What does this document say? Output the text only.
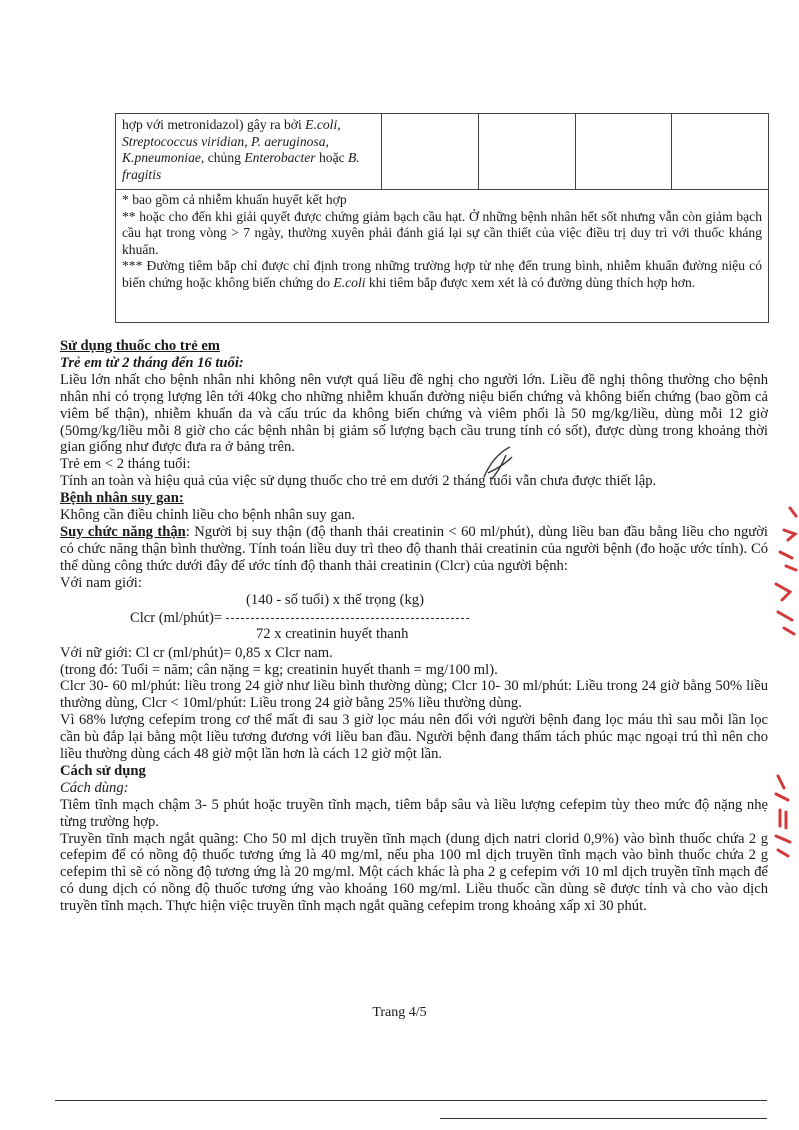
hợp với metronidazol) gây ra bởi E.coli,
Streptococcus viridian, P. aeruginosa,
K.pneumoniae, chủng Enterobacter hoặc B.
fragitis				

* bao gồm cả nhiễm khuẩn huyết kết hợp

** hoặc cho đến khi giải quyết được chứng giảm bạch cầu hạt. Ở những bệnh nhân hết sốt nhưng vẫn còn giảm bạch cầu hạt trong vòng > 7 ngày, thường xuyên phải đánh giá lại sự cần thiết của việc điều trị duy trì với thuốc kháng khuẩn.

*** Đường tiêm bắp chỉ được chỉ định trong những trường hợp từ nhẹ đến trung bình, nhiễm khuẩn đường niệu có biến chứng hoặc không biến chứng do E.coli khi tiêm bắp được xem xét là có đường dùng thích hợp hơn.

Sử dụng thuốc cho trẻ em

Trẻ em từ 2 tháng đến 16 tuổi:

Liều lớn nhất cho bệnh nhân nhi không nên vượt quá liều đề nghị cho người lớn. Liều đề nghị thông thường cho bệnh nhân nhi có trọng lượng lên tới 40kg cho những nhiễm khuẩn đường niệu biến chứng và không biến chứng (bao gồm cả viêm bể thận), nhiễm khuẩn da và cấu trúc da không biến chứng và viêm phổi là 50 mg/kg/liều, dùng mỗi 12 giờ (50mg/kg/liều mỗi 8 giờ cho các bệnh nhân bị giảm số lượng bạch cầu trung tính có sốt), được dùng trong khoảng thời gian giống như được đưa ra ở bảng trên.

Trẻ em < 2 tháng tuổi:

Tính an toàn và hiệu quả của việc sử dụng thuốc cho trẻ em dưới 2 tháng tuổi vẫn chưa được thiết lập.

Bệnh nhân suy gan:

Không cần điều chỉnh liều cho bệnh nhân suy gan.

Suy chức năng thận: Người bị suy thận (độ thanh thải creatinin < 60 ml/phút), dùng liều ban đầu bằng liều cho người có chức năng thận bình thường. Tính toán liều duy trì theo độ thanh thải creatinin của người bệnh (đo hoặc ước tính). Có thể dùng công thức dưới đây để ước tính độ thanh thải creatinin (Clcr) của người bệnh:

Với nam giới:

(140 - số tuổi) x thể trọng (kg)
Clcr (ml/phút)=
72 x creatinin huyết thanh

Với nữ giới: Cl cr (ml/phút)= 0,85 x Clcr nam.

(trong đó: Tuổi = năm; cân nặng = kg; creatinin huyết thanh = mg/100 ml).

Clcr 30- 60 ml/phút: liều trong 24 giờ như liều bình thường dùng; Clcr 10- 30 ml/phút: Liều trong 24 giờ bằng 50% liều thường dùng, Clcr < 10ml/phút: Liều trong 24 giờ bằng 25% liều thường dùng.

Vì 68% lượng cefepim trong cơ thể mất đi sau 3 giờ lọc máu nên đối với người bệnh đang lọc máu thì sau mỗi lần lọc cần bù đắp lại bằng một liều tương đương với liều ban đầu. Người bệnh đang thẩm tách phúc mạc ngoại trú thì nên cho liều thường dùng cách 48 giờ một lần hơn là cách 12 giờ một lần.

Cách sử dụng

Cách dùng:

Tiêm tĩnh mạch chậm 3- 5 phút hoặc truyền tĩnh mạch, tiêm bắp sâu và liều lượng cefepim tùy theo mức độ nặng nhẹ từng trường hợp.

Truyền tĩnh mạch ngắt quãng: Cho 50 ml dịch truyền tĩnh mạch (dung dịch natri clorid 0,9%) vào bình thuốc chứa 2 g cefepim để có nồng độ thuốc tương ứng là 40 mg/ml, nếu pha 100 ml dịch truyền tĩnh mạch vào bình thuốc chứa 2 g cefepim thì sẽ có nồng độ tương ứng là 20 mg/ml. Một cách khác là pha 2 g cefepim với 10 ml dịch truyền tĩnh mạch để có dung dịch có nồng độ thuốc tương ứng vào khoảng 160 mg/ml. Liều thuốc cần dùng sẽ được tính và cho vào dịch truyền tĩnh mạch. Thực hiện việc truyền tĩnh mạch ngắt quãng cefepim trong khoảng xấp xỉ 30 phút.

Trang 4/5
